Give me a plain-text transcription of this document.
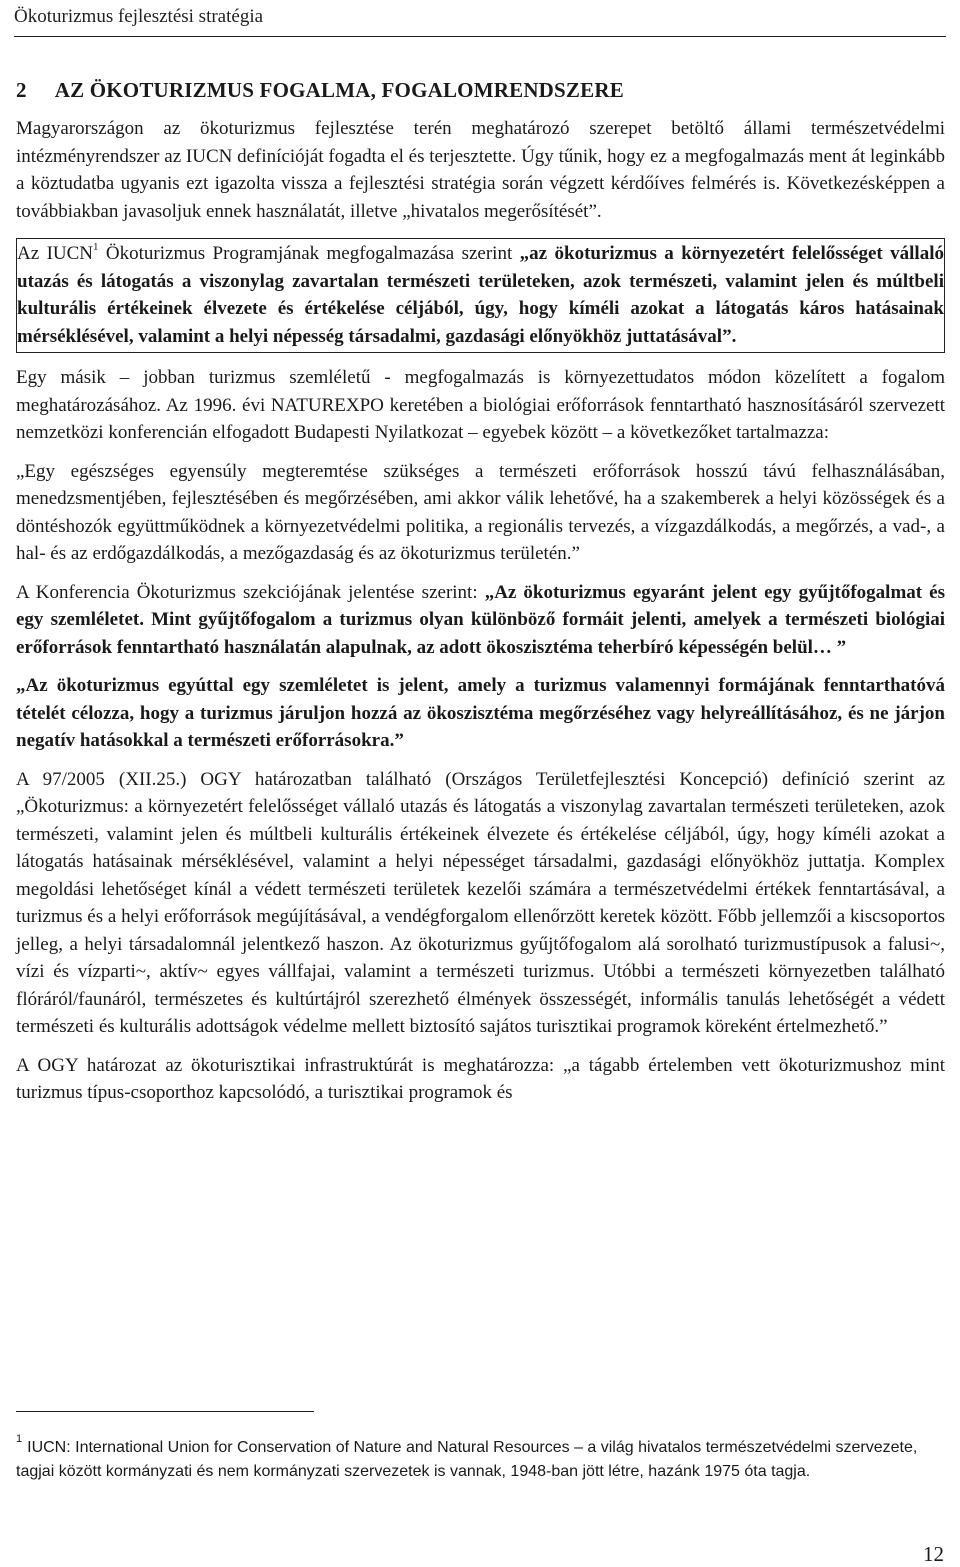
Ökoturizmus fejlesztési stratégia
2 AZ ÖKOTURIZMUS FOGALMA, FOGALOMRENDSZERE

Magyarországon az ökoturizmus fejlesztése terén meghatározó szerepet betöltő állami természetvédelmi intézményrendszer az IUCN definícióját fogadta el és terjesztette. Úgy tűnik, hogy ez a megfogalmazás ment át leginkább a köztudatba ugyanis ezt igazolta vissza a fejlesztési stratégia során végzett kérdőíves felmérés is. Következésképpen a továbbiakban javasoljuk ennek használatát, illetve „hivatalos megerősítését”.

Az IUCN$^1$ Ökoturizmus Programjának megfogalmazása szerint „az ökoturizmus a környezetért felelősséget vállaló utazás és látogatás a viszonylag zavartalan természeti területeken, azok természeti, valamint jelen és múltbeli kulturális értékeinek élvezete és értékelése céljából, úgy, hogy kíméli azokat a látogatás káros hatásainak mérséklésével, valamint a helyi népesség társadalmi, gazdasági előnyökhöz juttatásával”.

Egy másik – jobban turizmus szemléletű - megfogalmazás is környezettudatos módon közelített a fogalom meghatározásához. Az 1996. évi NATUREXPO keretében a biológiai erőforrások fenntartható hasznosításáról szervezett nemzetközi konferencián elfogadott Budapesti Nyilatkozat – egyebek között – a következőket tartalmazza:

„Egy egészséges egyensúly megteremtése szükséges a természeti erőforrások hosszú távú felhasználásában, menedzsmentjében, fejlesztésében és megőrzésében, ami akkor válik lehetővé, ha a szakemberek a helyi közösségek és a döntéshozók együttműködnek a környezetvédelmi politika, a regionális tervezés, a vízgazdálkodás, a megőrzés, a vad-, a hal- és az erdőgazdálkodás, a mezőgazdaság és az ökoturizmus területén.”

A Konferencia Ökoturizmus szekciójának jelentése szerint: „Az ökoturizmus egyaránt jelent egy gyűjtőfogalmat és egy szemléletet. Mint gyűjtőfogalom a turizmus olyan különböző formáit jelenti, amelyek a természeti biológiai erőforrások fenntartható használatán alapulnak, az adott ökoszisztéma teherbíró képességén belül… ”

„Az ökoturizmus egyúttal egy szemléletet is jelent, amely a turizmus valamennyi formájának fenntarthatóvá tételét célozza, hogy a turizmus járuljon hozzá az ökoszisztéma megőrzéséhez vagy helyreállításához, és ne járjon negatív hatásokkal a természeti erőforrásokra.”

A 97/2005 (XII.25.) OGY határozatban található (Országos Területfejlesztési Koncepció) definíció szerint az „Ökoturizmus: a környezetért felelősséget vállaló utazás és látogatás a viszonylag zavartalan természeti területeken, azok természeti, valamint jelen és múltbeli kulturális értékeinek élvezete és értékelése céljából, úgy, hogy kíméli azokat a látogatás hatásainak mérséklésével, valamint a helyi népességet társadalmi, gazdasági előnyökhöz juttatja. Komplex megoldási lehetőséget kínál a védett természeti területek kezelői számára a természetvédelmi értékek fenntartásával, a turizmus és a helyi erőforrások megújításával, a vendégforgalom ellenőrzött keretek között. Főbb jellemzői a kiscsoportos jelleg, a helyi társadalomnál jelentkező haszon. Az ökoturizmus gyűjtőfogalom alá sorolható turizmustípusok a falusi~, vízi és vízparti~, aktív~ egyes vállfajai, valamint a természeti turizmus. Utóbbi a természeti környezetben található flóráról/faunáról, természetes és kultúrtájról szerezhető élmények összességét, informális tanulás lehetőségét a védett természeti és kulturális adottságok védelme mellett biztosító sajátos turisztikai programok köreként értelmezhető.”

A OGY határozat az ökoturisztikai infrastruktúrát is meghatározza: „a tágabb értelemben vett ökoturizmushoz mint turizmus típus-csoporthoz kapcsolódó, a turisztikai programok és

$^1$IUCN: International Union for Conservation of Nature and Natural Resources – a világ hivatalos természetvédelmi szervezete, tagjai között kormányzati és nem kormányzati szervezetek is vannak, 1948-ban jött létre, hazánk 1975 óta tagja.
12
